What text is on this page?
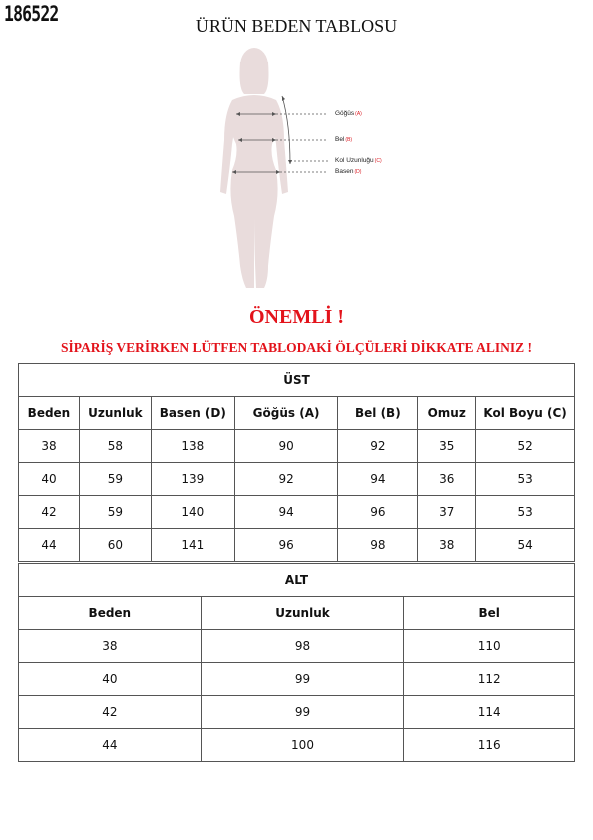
186522	ÜRÜN BEDEN TABLOSU
Göğüs(A)
Bel(B)
Kol Uzunluğu(C)
Basen(D)
ÖNEMLİ !
SİPARİŞ VERİRKEN LÜTFEN TABLODAKİ ÖLÇÜLERİ DİKKATE ALINIZ !
ÜST						
Beden	Uzunluk	Basen (D)	Göğüs (A)	Bel (B)	Omuz	Kol Boyu (C)
38	58	138	90	92	35	52
40	59	139	92	94	36	53
42	59	140	94	96	37	53
44	60	141	96	98	38	54
ALT		
Beden	Uzunluk	Bel
38	98	110
40	99	112
42	99	114
44	100	116
